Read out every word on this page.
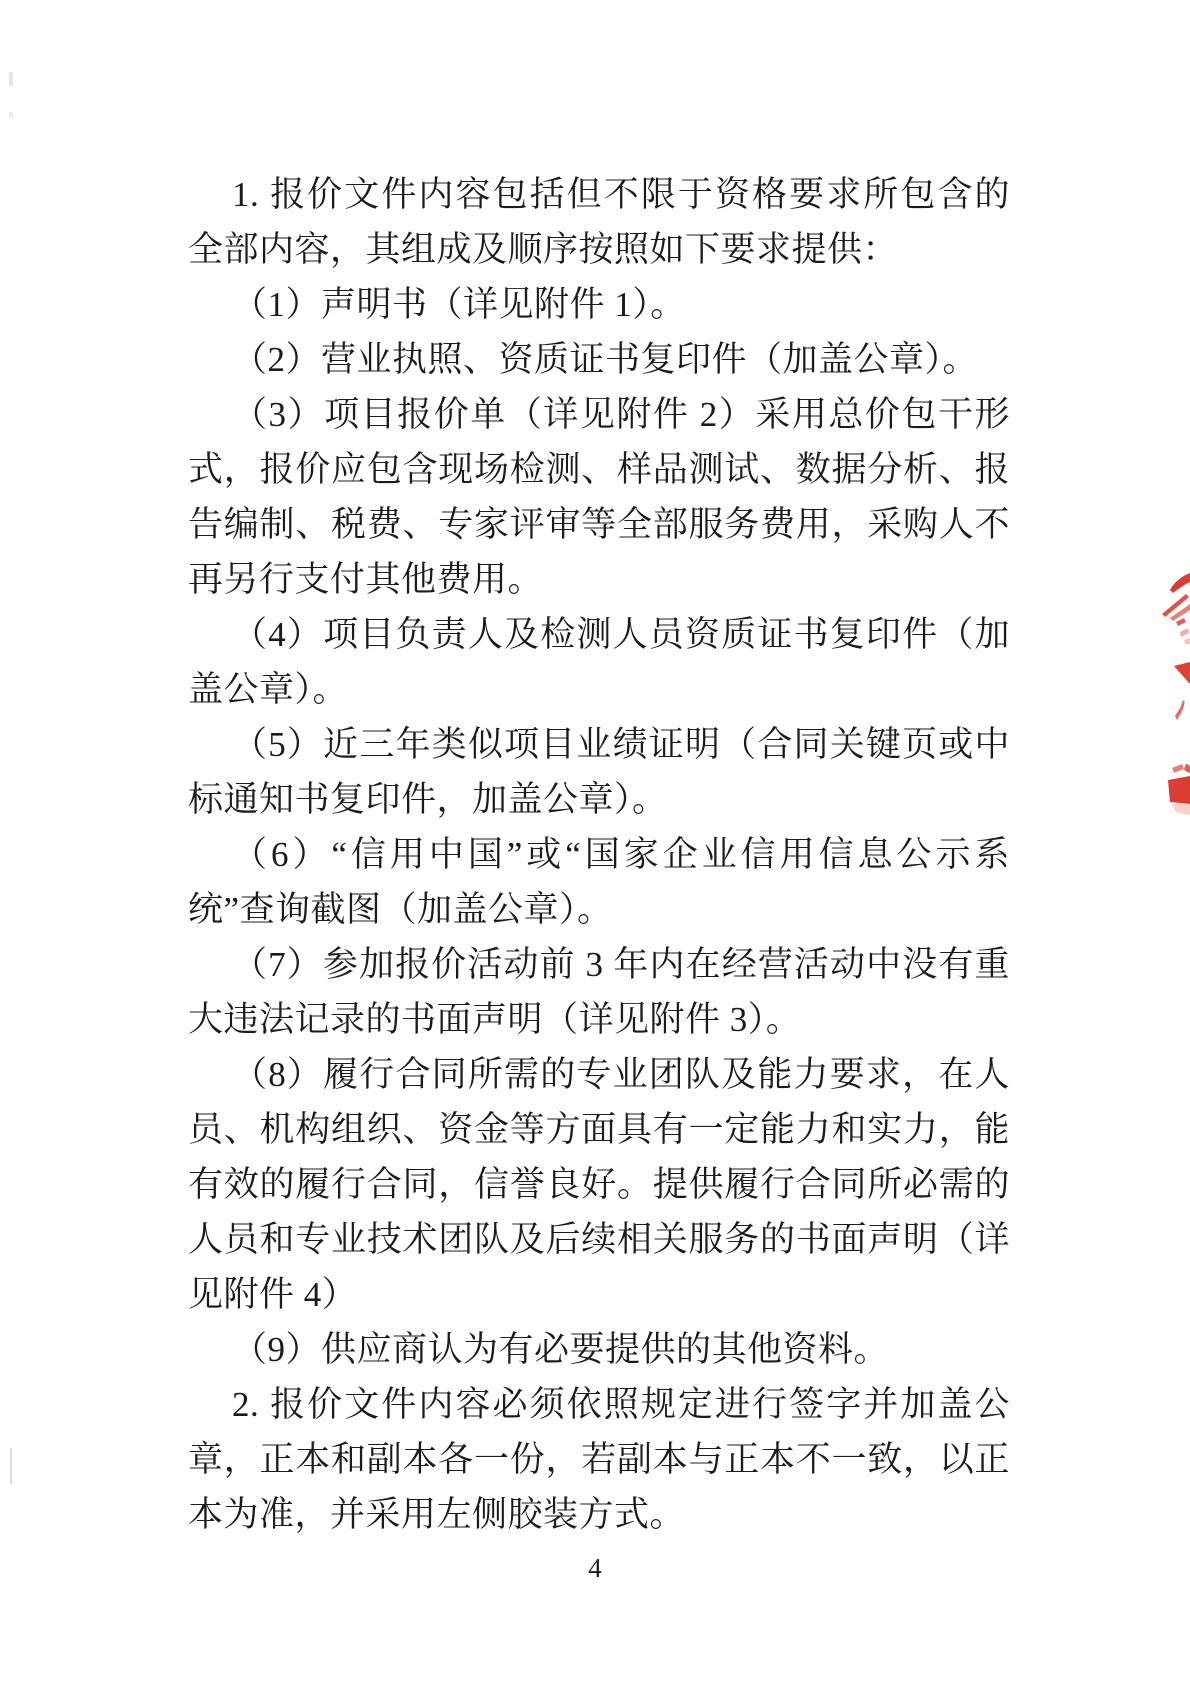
1. 报价文件内容包括但不限于资格要求所包含的全部内容，其组成及顺序按照如下要求提供：

（1）声明书（详见附件 1）。

（2）营业执照、资质证书复印件（加盖公章）。

（3）项目报价单（详见附件 2）采用总价包干形式，报价应包含现场检测、样品测试、数据分析、报告编制、税费、专家评审等全部服务费用，采购人不再另行支付其他费用。

（4）项目负责人及检测人员资质证书复印件（加盖公章）。

（5）近三年类似项目业绩证明（合同关键页或中标通知书复印件，加盖公章）。

（6）“信用中国”或“国家企业信用信息公示系统”查询截图（加盖公章）。

（7）参加报价活动前 3 年内在经营活动中没有重大违法记录的书面声明（详见附件 3）。

（8）履行合同所需的专业团队及能力要求，在人员、机构组织、资金等方面具有一定能力和实力，能有效的履行合同，信誉良好。提供履行合同所必需的人员和专业技术团队及后续相关服务的书面声明（详见附件 4）

（9）供应商认为有必要提供的其他资料。

2. 报价文件内容必须依照规定进行签字并加盖公章，正本和副本各一份，若副本与正本不一致，以正本为准，并采用左侧胶装方式。

4
